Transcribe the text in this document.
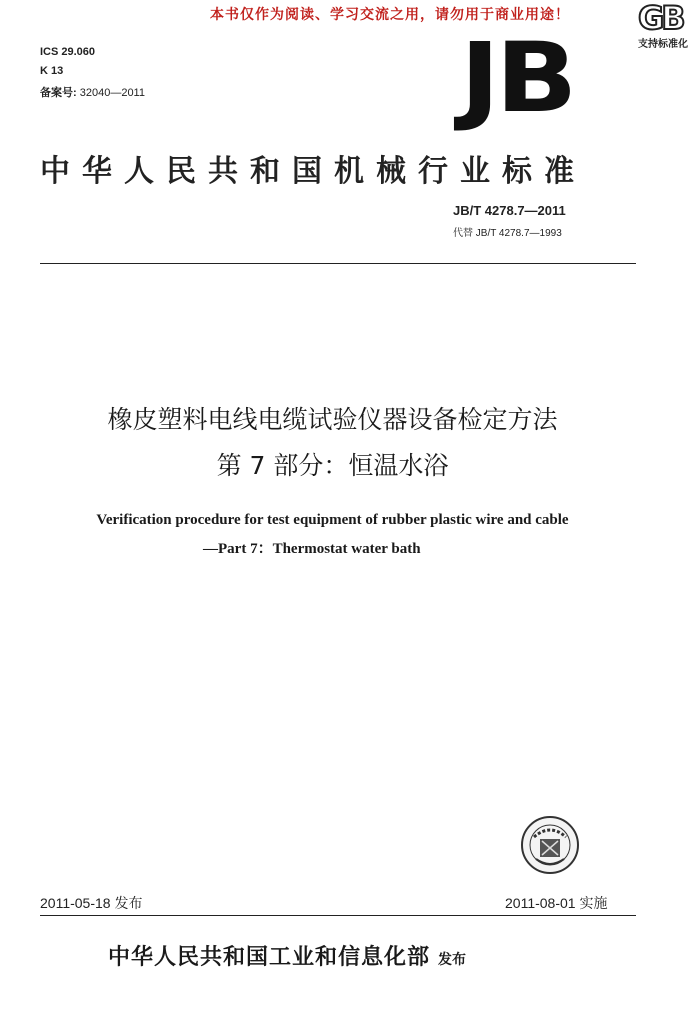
本书仅作为阅读、学习交流之用，请勿用于商业用途！ GB
支持标准化
ICS 29.060
K 13
备案号: 32040—2011	JB
中华人民共和国机械行业标准
JB/T 4278.7—2011
代替 JB/T 4278.7—1993
橡皮塑料电线电缆试验仪器设备检定方法
第 7 部分：恒温水浴
Verification procedure for test equipment of rubber plastic wire and cable
—Part 7：Thermostat water bath
2011-05-18 发布	2011-08-01 实施
中华人民共和国工业和信息化部 发布
